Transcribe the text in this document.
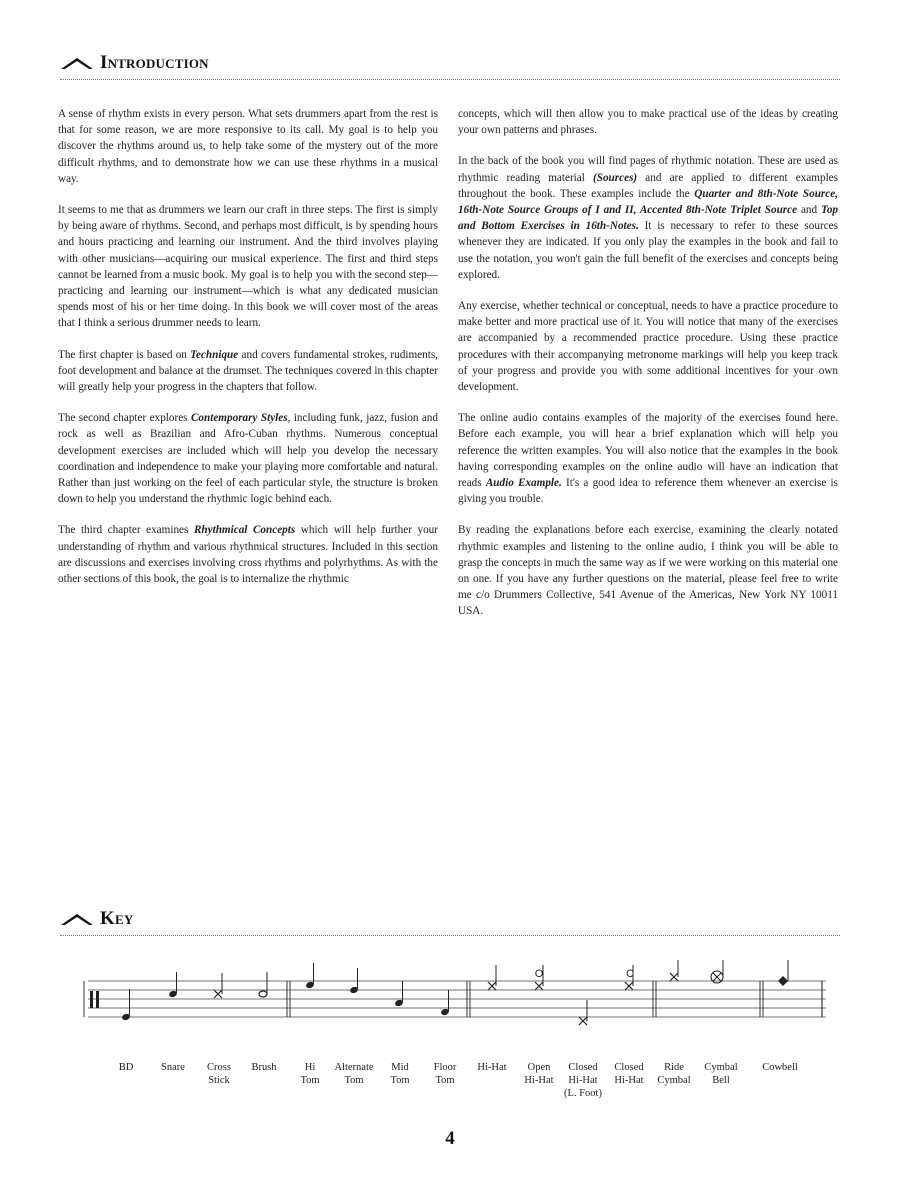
Introduction

A sense of rhythm exists in every person. What sets drummers apart from the rest is that for some reason, we are more responsive to its call. My goal is to help you discover the rhythms around us, to help take some of the mystery out of the more difficult rhythms, and to demonstrate how we can use these rhythms in a musical way.

It seems to me that as drummers we learn our craft in three steps. The first is simply by being aware of rhythms. Second, and perhaps most difficult, is by spending hours and hours practicing and learning our instrument. And the third involves playing with other musicians—acquiring our musical experience. The first and third steps cannot be learned from a music book. My goal is to help you with the second step—practicing and learning our instrument—which is what any dedicated musician spends most of his or her time doing. In this book we will cover most of the areas that I think a serious drummer needs to learn.

The first chapter is based on Technique and covers fundamental strokes, rudiments, foot development and balance at the drumset. The techniques covered in this chapter will greatly help your progress in the chapters that follow.

The second chapter explores Contemporary Styles, including funk, jazz, fusion and rock as well as Brazilian and Afro-Cuban rhythms. Numerous conceptual development exercises are included which will help you develop the necessary coordination and independence to make your playing more comfortable and natural. Rather than just working on the feel of each particular style, the structure is broken down to help you understand the rhythmic logic behind each.

The third chapter examines Rhythmical Concepts which will help further your understanding of rhythm and various rhythmical structures. Included in this section are discussions and exercises involving cross rhythms and polyrhythms. As with the other sections of this book, the goal is to internalize the rhythmic

concepts, which will then allow you to make practical use of the ideas by creating your own patterns and phrases.

In the back of the book you will find pages of rhythmic notation. These are used as rhythmic reading material (Sources) and are applied to different examples throughout the book. These examples include the Quarter and 8th-Note Source, 16th-Note Source Groups of I and II, Accented 8th-Note Triplet Source and Top and Bottom Exercises in 16th-Notes. It is necessary to refer to these sources whenever they are indicated. If you only play the examples in the book and fail to use the notation, you won't gain the full benefit of the exercises and concepts being explored.

Any exercise, whether technical or conceptual, needs to have a practice procedure to make better and more practical use of it. You will notice that many of the exercises are accompanied by a recommended practice procedure. Using these practice procedures with their accompanying metronome markings will help you keep track of your progress and provide you with some additional incentives for your own development.

The online audio contains examples of the majority of the exercises found here. Before each example, you will hear a brief explanation which will help you reference the written examples. You will also notice that the examples in the book having corresponding examples on the online audio will have an indication that reads Audio Example. It's a good idea to reference them whenever an exercise is giving you trouble.

By reading the explanations before each exercise, examining the clearly notated rhythmic examples and listening to the online audio, I think you will be able to grasp the concepts in much the same way as if we were working on this material one on one. If you have any further questions on the material, please feel free to write me c/o Drummers Collective, 541 Avenue of the Americas, New York NY 10011 USA.

Key
O	C
BD	Snare Cross
Stick
Brush	Hi
Tom
Alternate
Tom
Mid
Tom
Floor
Tom
Hi-Hat	Open
Hi-Hat
Closed
Hi-Hat
(L. Foot)
Closed
Hi-Hat
Ride
Cymbal
Cymbal
Bell
Cowbell
4
